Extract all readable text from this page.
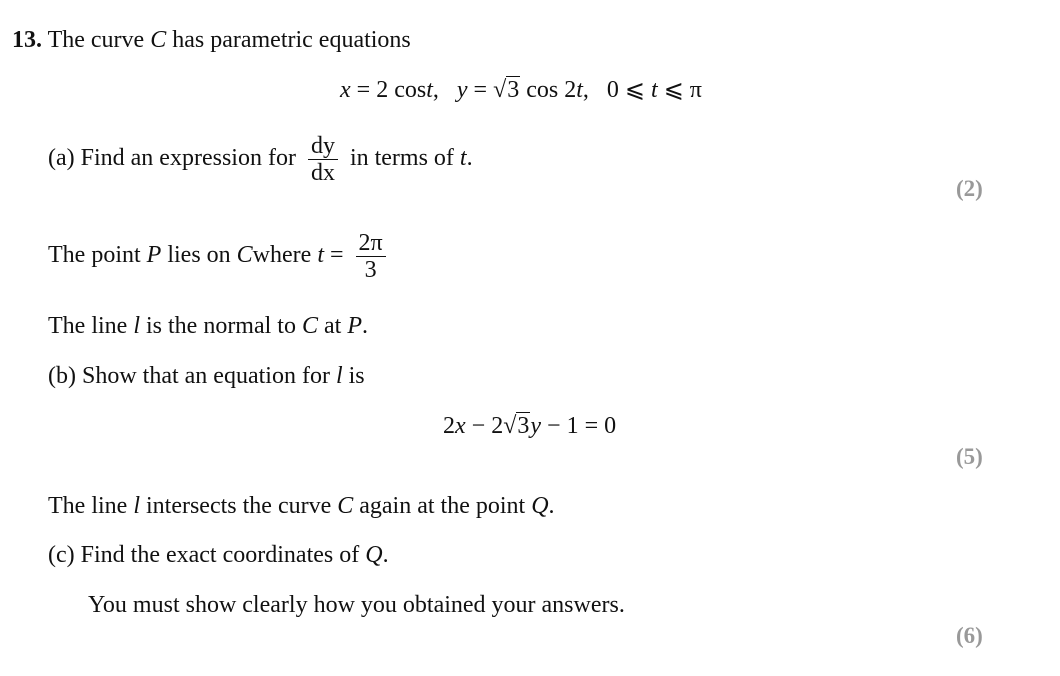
13. The curve C has parametric equations
x = 2 cost, y = √3 cos 2t, 0 ⩽ t ⩽ π
(a) Find an expression for $\frac{dy}{dx}$ in terms of t.
(2)
The point P lies on Cwhere $t = \frac{2\pi}{3}$
The line l is the normal to C at P.
(b) Show that an equation for l is
2x − 2√3y − 1 = 0
(5)
The line l intersects the curve C again at the point Q.
(c) Find the exact coordinates of Q.
You must show clearly how you obtained your answers.
(6)
